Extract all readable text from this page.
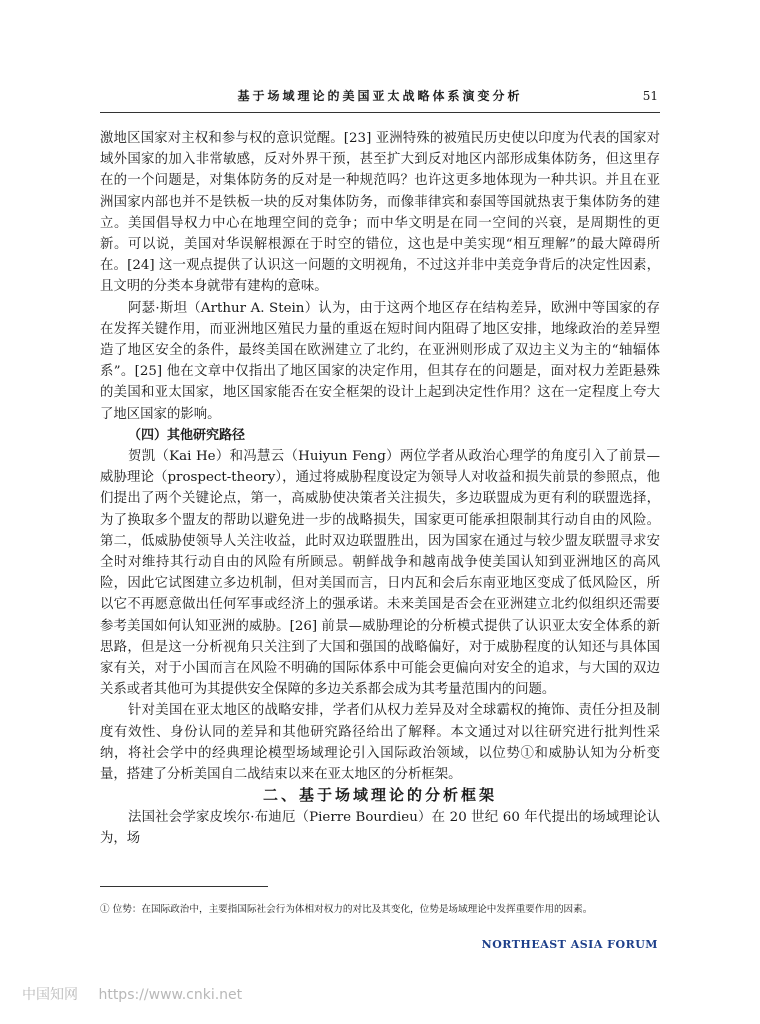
基于场域理论的美国亚太战略体系演变分析	51

激地区国家对主权和参与权的意识觉醒。[23] 亚洲特殊的被殖民历史使以印度为代表的国家对域外国家的加入非常敏感，反对外界干预，甚至扩大到反对地区内部形成集体防务，但这里存在的一个问题是，对集体防务的反对是一种规范吗？也许这更多地体现为一种共识。并且在亚洲国家内部也并不是铁板一块的反对集体防务，而像菲律宾和泰国等国就热衷于集体防务的建立。美国倡导权力中心在地理空间的竞争；而中华文明是在同一空间的兴衰，是周期性的更新。可以说，美国对华误解根源在于时空的错位，这也是中美实现“相互理解”的最大障碍所在。[24] 这一观点提供了认识这一问题的文明视角，不过这并非中美竞争背后的决定性因素，且文明的分类本身就带有建构的意味。

阿瑟·斯坦（Arthur A. Stein）认为，由于这两个地区存在结构差异，欧洲中等国家的存在发挥关键作用，而亚洲地区殖民力量的重返在短时间内阻碍了地区安排，地缘政治的差异塑造了地区安全的条件，最终美国在欧洲建立了北约，在亚洲则形成了双边主义为主的“轴辐体系”。[25] 他在文章中仅指出了地区国家的决定作用，但其存在的问题是，面对权力差距悬殊的美国和亚太国家，地区国家能否在安全框架的设计上起到决定性作用？这在一定程度上夸大了地区国家的影响。

（四）其他研究路径

贺凯（Kai He）和冯慧云（Huiyun Feng）两位学者从政治心理学的角度引入了前景—威胁理论（prospect-theory），通过将威胁程度设定为领导人对收益和损失前景的参照点，他们提出了两个关键论点，第一，高威胁使决策者关注损失，多边联盟成为更有利的联盟选择，为了换取多个盟友的帮助以避免进一步的战略损失，国家更可能承担限制其行动自由的风险。第二，低威胁使领导人关注收益，此时双边联盟胜出，因为国家在通过与较少盟友联盟寻求安全时对维持其行动自由的风险有所顾忌。朝鲜战争和越南战争使美国认知到亚洲地区的高风险，因此它试图建立多边机制，但对美国而言，日内瓦和会后东南亚地区变成了低风险区，所以它不再愿意做出任何军事或经济上的强承诺。未来美国是否会在亚洲建立北约似组织还需要参考美国如何认知亚洲的威胁。[26] 前景—威胁理论的分析模式提供了认识亚太安全体系的新思路，但是这一分析视角只关注到了大国和强国的战略偏好，对于威胁程度的认知还与具体国家有关，对于小国而言在风险不明确的国际体系中可能会更偏向对安全的追求，与大国的双边关系或者其他可为其提供安全保障的多边关系都会成为其考量范围内的问题。

针对美国在亚太地区的战略安排，学者们从权力差异及对全球霸权的掩饰、责任分担及制度有效性、身份认同的差异和其他研究路径给出了解释。本文通过对以往研究进行批判性采纳，将社会学中的经典理论模型场域理论引入国际政治领域，以位势①和威胁认知为分析变量，搭建了分析美国自二战结束以来在亚太地区的分析框架。

二、基于场域理论的分析框架

法国社会学家皮埃尔·布迪厄（Pierre Bourdieu）在 20 世纪 60 年代提出的场域理论认为，场

① 位势：在国际政治中，主要指国际社会行为体相对权力的对比及其变化，位势是场域理论中发挥重要作用的因素。
NORTHEAST ASIA FORUM
中国知网 https://www.cnki.net
